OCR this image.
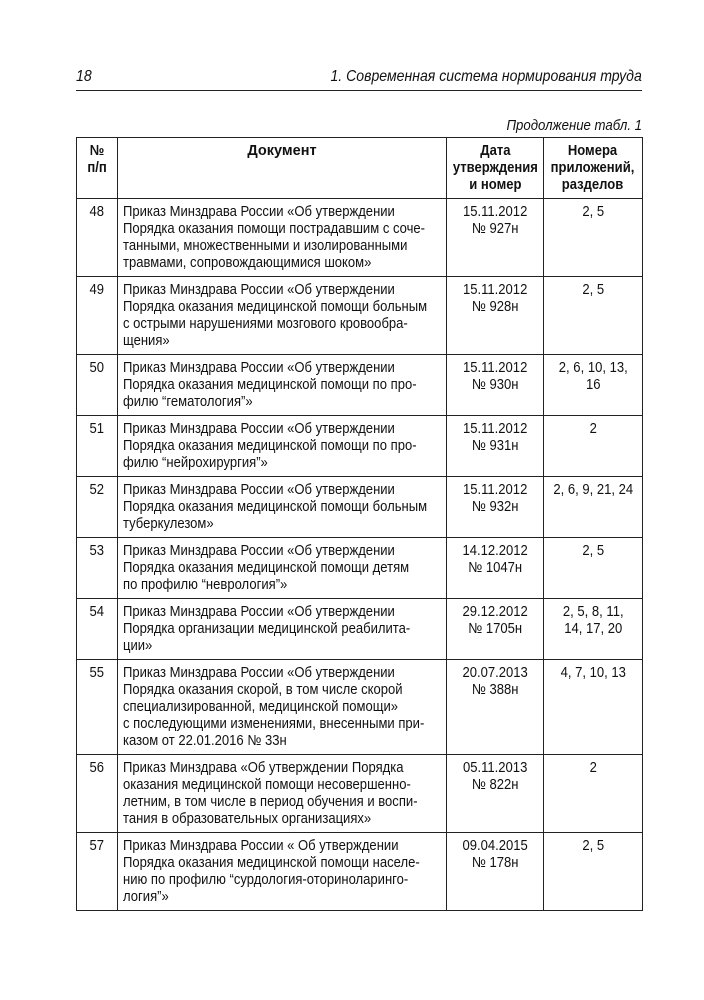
18	1. Современная система нормирования труда
Продолжение табл. 1
№
п/п	Документ	Дата
утверждения
и номер	Номера
приложений,
разделов

48	Приказ Минздрава России «Об утверждении
Порядка оказания помощи пострадавшим с соче-
танными, множественными и изолированными
травмами, сопровождающимися шоком»	15.11.2012
№ 927н	2, 5

49	Приказ Минздрава России «Об утверждении
Порядка оказания медицинской помощи больным
с острыми нарушениями мозгового кровообра-
щения»	15.11.2012
№ 928н	2, 5

50	Приказ Минздрава России «Об утверждении
Порядка оказания медицинской помощи по про-
филю “гематология”»	15.11.2012
№ 930н	2, 6, 10, 13,
16

51	Приказ Минздрава России «Об утверждении
Порядка оказания медицинской помощи по про-
филю “нейрохирургия”»	15.11.2012
№ 931н	2

52	Приказ Минздрава России «Об утверждении
Порядка оказания медицинской помощи больным
туберкулезом»	15.11.2012
№ 932н	2, 6, 9, 21, 24

53	Приказ Минздрава России «Об утверждении
Порядка оказания медицинской помощи детям
по профилю “неврология”»	14.12.2012
№ 1047н	2, 5

54	Приказ Минздрава России «Об утверждении
Порядка организации медицинской реабилита-
ции»	29.12.2012
№ 1705н	2, 5, 8, 11,
14, 17, 20

55	Приказ Минздрава России «Об утверждении
Порядка оказания скорой, в том числе скорой
специализированной, медицинской помощи»
с последующими изменениями, внесенными при-
казом от 22.01.2016 № 33н	20.07.2013
№ 388н	4, 7, 10, 13

56	Приказ Минздрава «Об утверждении Порядка
оказания медицинской помощи несовершенно-
летним, в том числе в период обучения и воспи-
тания в образовательных организациях»	05.11.2013
№ 822н	2

57	Приказ Минздрава России « Об утверждении
Порядка оказания медицинской помощи населе-
нию по профилю “сурдология-оториноларинго-
логия”»	09.04.2015
№ 178н	2, 5
